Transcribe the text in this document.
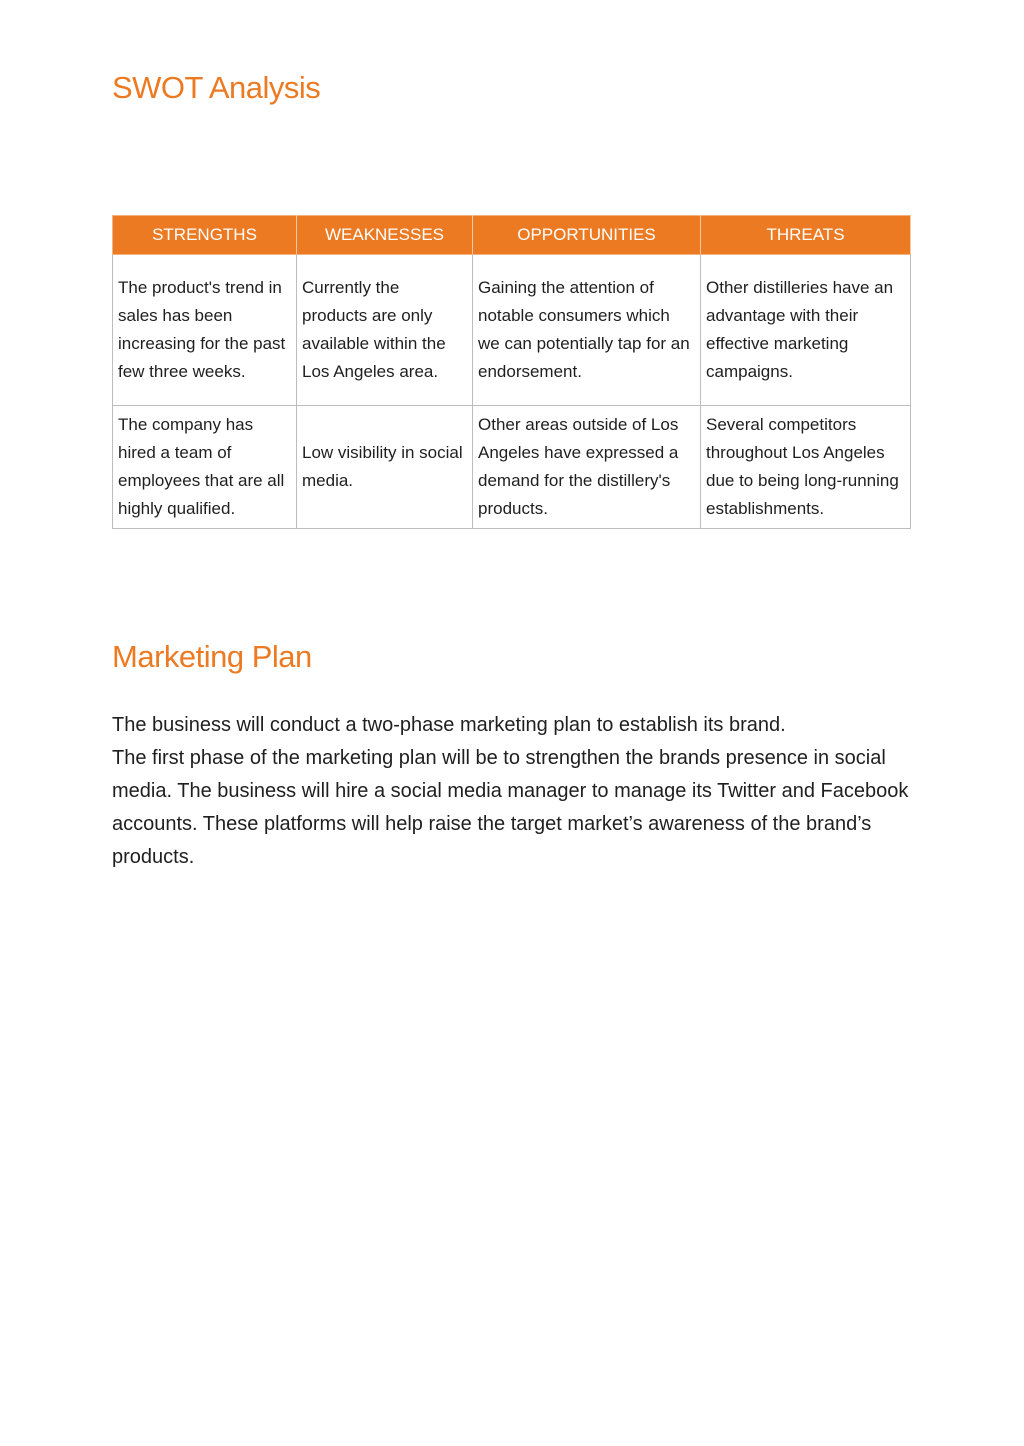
SWOT Analysis
STRENGTHS	WEAKNESSES	OPPORTUNITIES	THREATS
The product's trend in sales has been increasing for the past few three weeks.	Currently the products are only available within the Los Angeles area.	Gaining the attention of notable consumers which we can potentially tap for an endorsement.	Other distilleries have an advantage with their effective marketing campaigns.
The company has hired a team of employees that are all highly qualified.	Low visibility in social media.	Other areas outside of Los Angeles have expressed a demand for the distillery's products.	Several competitors throughout Los Angeles due to being long-running establishments.
Marketing Plan

The business will conduct a two-phase marketing plan to establish its brand.

The first phase of the marketing plan will be to strengthen the brands presence in social media. The business will hire a social media manager to manage its Twitter and Facebook accounts. These platforms will help raise the target market’s awareness of the brand’s products.
